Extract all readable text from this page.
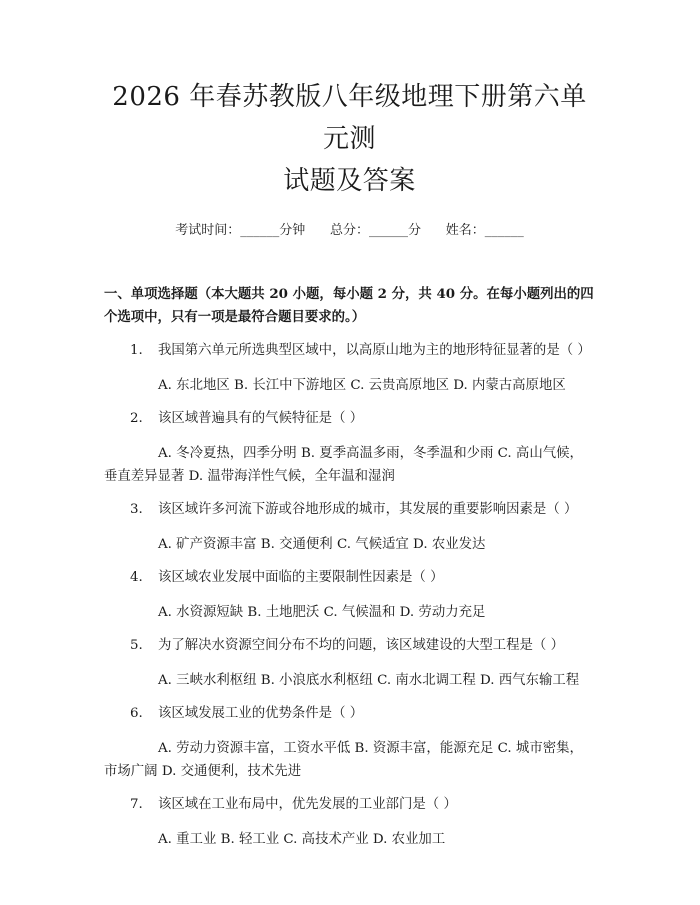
2026 年春苏教版八年级地理下册第六单元测
试题及答案
考试时间：______分钟      总分：______分      姓名：______
一、单项选择题（本大题共 20 小题，每小题 2 分，共 40 分。在每小题列出的四个选项中，只有一项是最符合题目要求的。）
1. 我国第六单元所选典型区域中，以高原山地为主的地形特征显著的是（ ）
A. 东北地区 B. 长江中下游地区 C. 云贵高原地区 D. 内蒙古高原地区
2. 该区域普遍具有的气候特征是（ ）
A. 冬冷夏热，四季分明 B. 夏季高温多雨，冬季温和少雨 C. 高山气候，垂直差异显著 D. 温带海洋性气候，全年温和湿润
3. 该区域许多河流下游或谷地形成的城市，其发展的重要影响因素是（ ）
A. 矿产资源丰富 B. 交通便利 C. 气候适宜 D. 农业发达
4. 该区域农业发展中面临的主要限制性因素是（ ）
A. 水资源短缺 B. 土地肥沃 C. 气候温和 D. 劳动力充足
5. 为了解决水资源空间分布不均的问题，该区域建设的大型工程是（ ）
A. 三峡水利枢纽 B. 小浪底水利枢纽 C. 南水北调工程 D. 西气东输工程
6. 该区域发展工业的优势条件是（ ）
A. 劳动力资源丰富，工资水平低 B. 资源丰富，能源充足 C. 城市密集，市场广阔 D. 交通便利，技术先进
7. 该区域在工业布局中，优先发展的工业部门是（ ）
A. 重工业 B. 轻工业 C. 高技术产业 D. 农业加工
